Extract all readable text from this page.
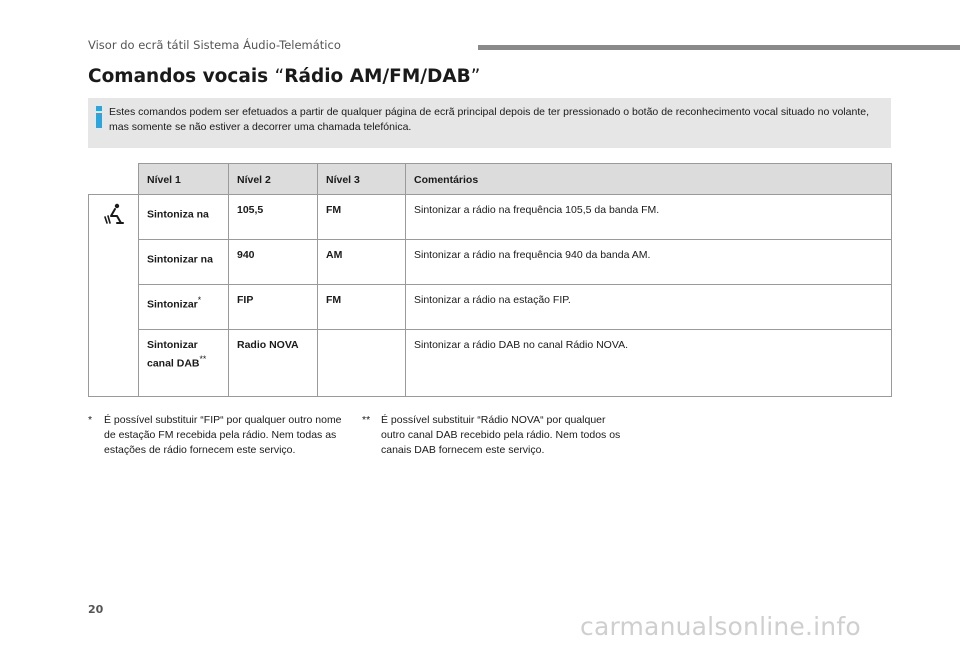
Visor do ecrã tátil Sistema Áudio-Telemático
Comandos vocais “Rádio AM/FM/DAB”
Estes comandos podem ser efetuados a partir de qualquer página de ecrã principal depois de ter pressionado o botão de reconhecimento vocal situado no volante, mas somente se não estiver a decorrer uma chamada telefónica.
	Nível 1	Nível 2	Nível 3	Comentários
	Sintoniza na	105,5	FM	Sintonizar a rádio na frequência 105,5 da banda FM.
	Sintonizar na	940	AM	Sintonizar a rádio na frequência 940 da banda AM.
	Sintonizar*	FIP	FM	Sintonizar a rádio na estação FIP.
	Sintonizar canal DAB**	Radio NOVA		Sintonizar a rádio DAB no canal Rádio NOVA.
* É possível substituir “FIP“ por qualquer outro nome de estação FM recebida pela rádio. Nem todas as estações de rádio fornecem este serviço.
** É possível substituir “Rádio NOVA“ por qualquer outro canal DAB recebido pela rádio. Nem todos os canais DAB fornecem este serviço.
20
carmanualsonline.info
